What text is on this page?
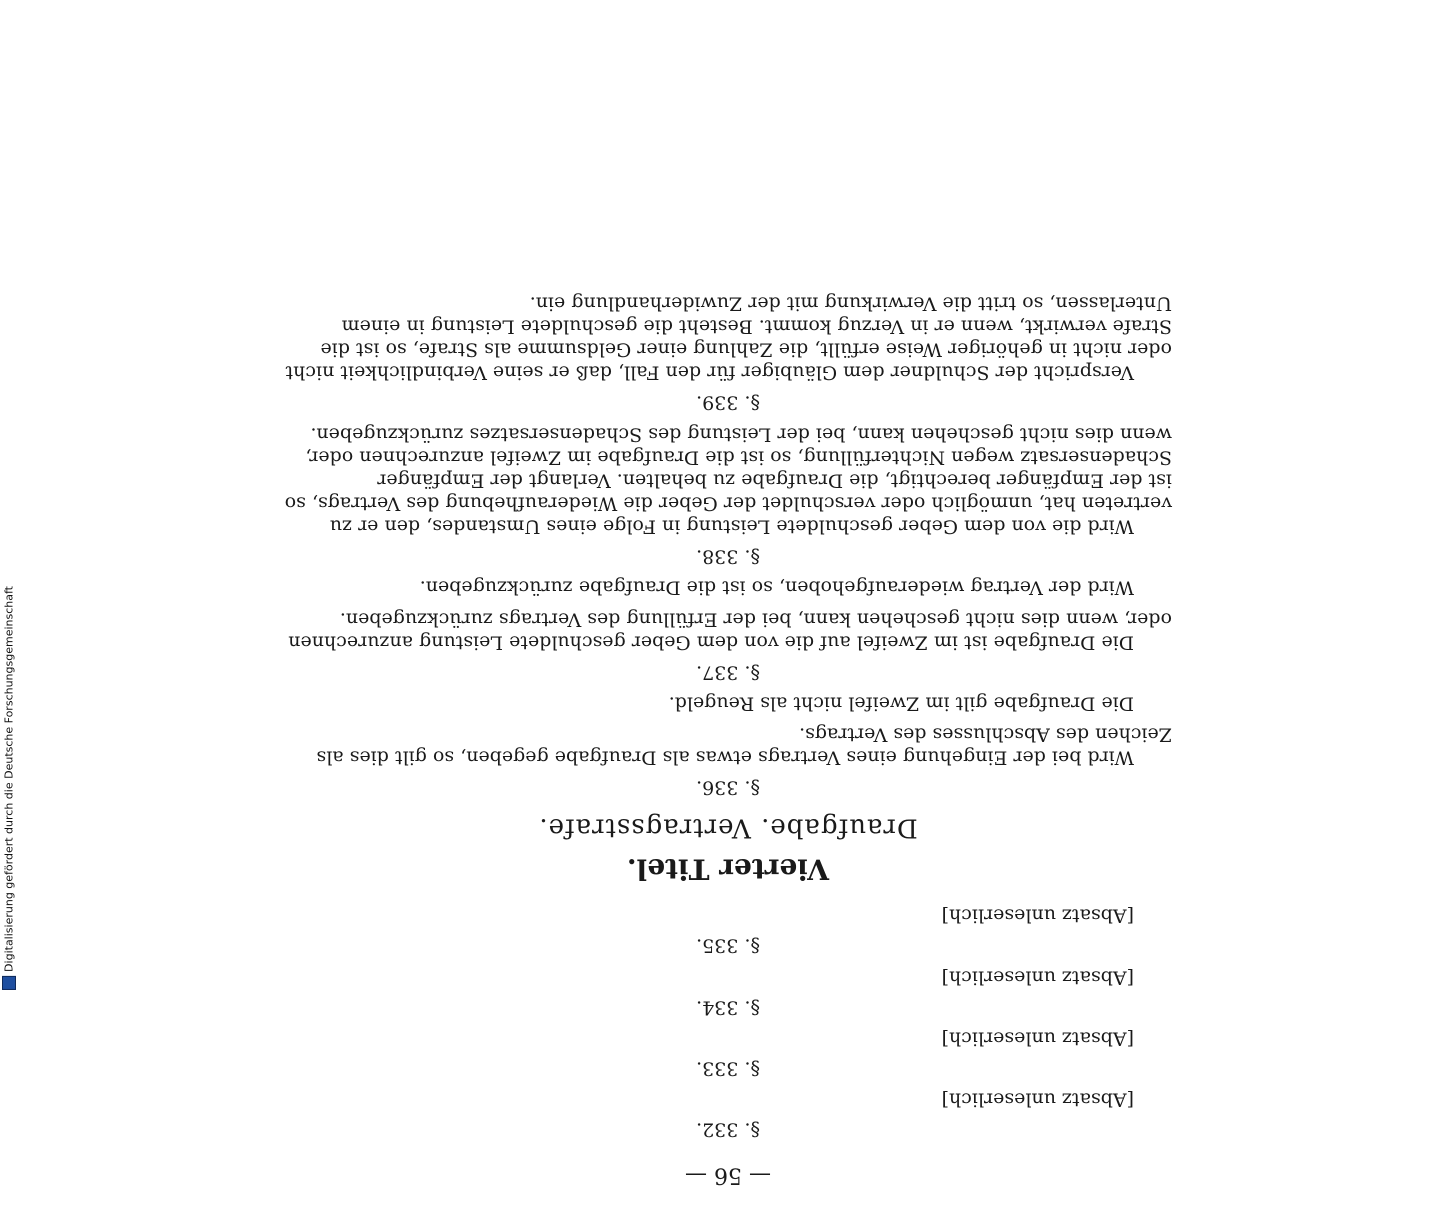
Digitalisierung gefördert durch die Deutsche Forschungsgemeinschaft
— 56 —
§. 332.
[Absatz unleserlich]
§. 333.
[Absatz unleserlich]
§. 334.
[Absatz unleserlich]
§. 335.
[Absatz unleserlich]
Vierter Titel.
Draufgabe. Vertragsstrafe.
§. 336.
Wird bei der Eingehung eines Vertrags etwas als Draufgabe gegeben, so gilt dies als Zeichen des Abschlusses des Vertrags.
Die Draufgabe gilt im Zweifel nicht als Reugeld.
§. 337.
Die Draufgabe ist im Zweifel auf die von dem Geber geschuldete Leistung anzurechnen oder, wenn dies nicht geschehen kann, bei der Erfüllung des Vertrags zurückzugeben.
Wird der Vertrag wiederaufgehoben, so ist die Draufgabe zurückzugeben.
§. 338.
Wird die von dem Geber geschuldete Leistung in Folge eines Umstandes, den er zu vertreten hat, unmöglich oder verschuldet der Geber die Wiederaufhebung des Vertrags, so ist der Empfänger berechtigt, die Draufgabe zu behalten. Verlangt der Empfänger Schadensersatz wegen Nichterfüllung, so ist die Draufgabe im Zweifel anzurechnen oder, wenn dies nicht geschehen kann, bei der Leistung des Schadensersatzes zurückzugeben.
§. 339.
Verspricht der Schuldner dem Gläubiger für den Fall, daß er seine Verbindlichkeit nicht oder nicht in gehöriger Weise erfüllt, die Zahlung einer Geldsumme als Strafe, so ist die Strafe verwirkt, wenn er in Verzug kommt. Besteht die geschuldete Leistung in einem Unterlassen, so tritt die Verwirkung mit der Zuwiderhandlung ein.
